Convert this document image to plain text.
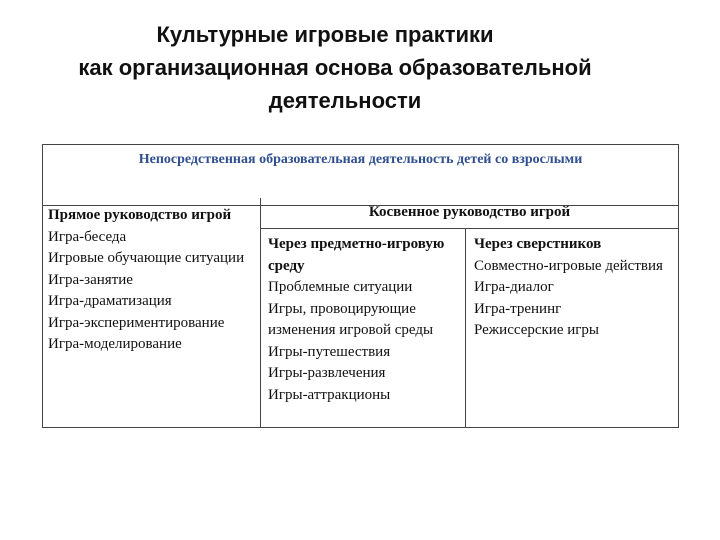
Культурные игровые практики
как организационная основа образовательной
деятельности
Непосредственная образовательная деятельность детей со взрослыми
Прямое руководство игрой
Игра-беседа
Игровые обучающие ситуации
Игра-занятие
Игра-драматизация
Игра-экспериментирование
Игра-моделирование
Косвенное руководство игрой
Через предметно-игровую среду
Проблемные ситуации
Игры, провоцирующие изменения игровой среды
Игры-путешествия
Игры-развлечения
Игры-аттракционы
Через сверстников
Совместно-игровые действия
Игра-диалог
Игра-тренинг
Режиссерские игры
